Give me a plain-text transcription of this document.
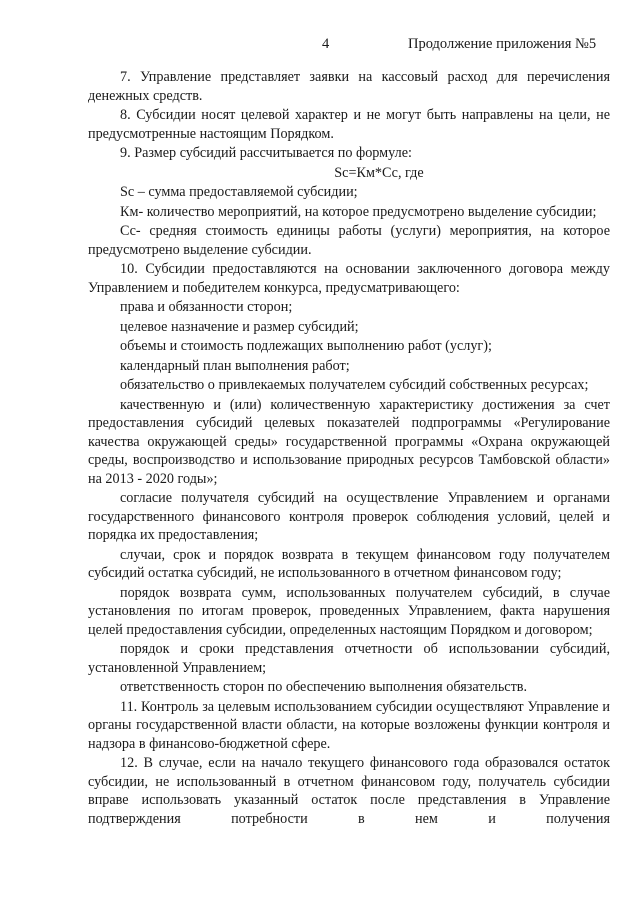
4	Продолжение приложения №5

7. Управление представляет заявки на кассовый расход для перечисления денежных средств.

8. Субсидии носят целевой характер и не могут быть направлены на цели, не предусмотренные настоящим Порядком.

9. Размер субсидий рассчитывается по формуле:

Sс=Км*Сс, где

Sс – сумма предоставляемой субсидии;

Км- количество мероприятий, на которое предусмотрено выделение субсидии;

Сс- средняя стоимость единицы работы (услуги) мероприятия, на которое предусмотрено выделение субсидии.

10. Субсидии предоставляются на основании заключенного договора между Управлением и победителем конкурса, предусматривающего:

права и обязанности сторон;

целевое назначение и размер субсидий;

объемы и стоимость подлежащих выполнению работ (услуг);

календарный план выполнения работ;

обязательство о привлекаемых получателем субсидий собственных ресурсах;

качественную и (или) количественную характеристику достижения за счет предоставления субсидий целевых показателей подпрограммы «Регулирование качества окружающей среды» государственной программы «Охрана окружающей среды, воспроизводство и использование природных ресурсов Тамбовской области» на 2013 - 2020 годы»;

согласие получателя субсидий на осуществление Управлением и органами государственного финансового контроля проверок соблюдения условий, целей и порядка их предоставления;

случаи, срок и порядок возврата в текущем финансовом году получателем субсидий остатка субсидий, не использованного в отчетном финансовом году;

порядок возврата сумм, использованных получателем субсидий, в случае установления по итогам проверок, проведенных Управлением, факта нарушения целей предоставления субсидии, определенных настоящим Порядком и договором;

порядок и сроки представления отчетности об использовании субсидий, установленной Управлением;

ответственность сторон по обеспечению выполнения обязательств.

11. Контроль за целевым использованием субсидии осуществляют Управление и органы государственной власти области, на которые возложены функции контроля и надзора в финансово-бюджетной сфере.

12. В случае, если на начало текущего финансового года образовался остаток субсидии, не использованный в отчетном финансовом году, получатель субсидии вправе использовать указанный остаток после представления в Управление подтверждения потребности в нем и получения
